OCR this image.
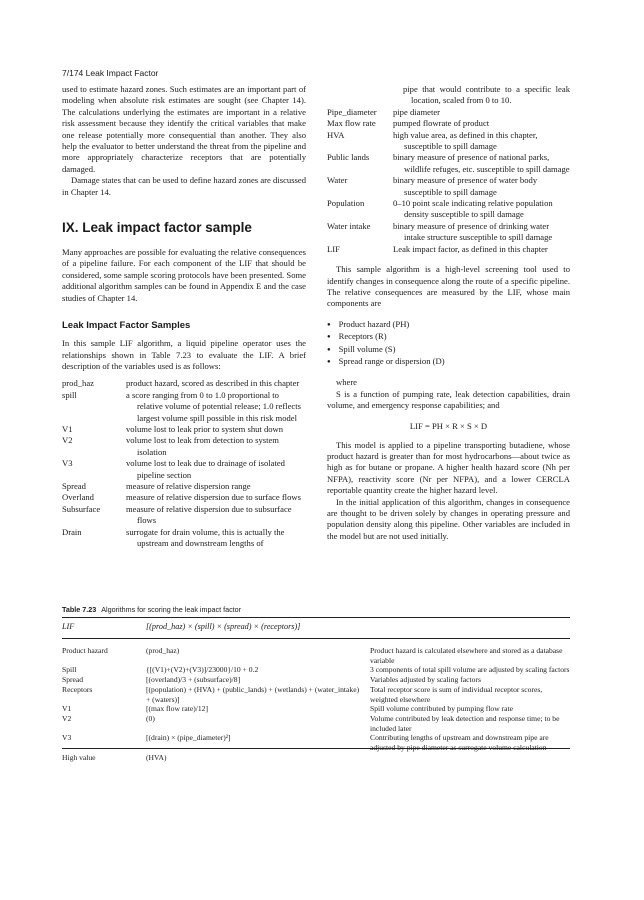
7/174 Leak Impact Factor

used to estimate hazard zones. Such estimates are an important part of modeling when absolute risk estimates are sought (see Chapter 14). The calculations underlying the estimates are important in a relative risk assessment because they identify the critical variables that make one release potentially more consequential than another. They also help the evaluator to better understand the threat from the pipeline and more appropriately characterize receptors that are potentially damaged.

Damage states that can be used to define hazard zones are discussed in Chapter 14.

IX. Leak impact factor sample

Many approaches are possible for evaluating the relative consequences of a pipeline failure. For each component of the LIF that should be considered, some sample scoring protocols have been presented. Some additional algorithm samples can be found in Appendix E and the case studies of Chapter 14.

Leak Impact Factor Samples

In this sample LIF algorithm, a liquid pipeline operator uses the relationships shown in Table 7.23 to evaluate the LIF. A brief description of the variables used is as follows:

prod_haz	product hazard, scored as described in this chapter
spill	a score ranging from 0 to 1.0 proportional to relative volume of potential release; 1.0 reflects largest volume spill possible in this risk model
V1	volume lost to leak prior to system shut down
V2	volume lost to leak from detection to system isolation
V3	volume lost to leak due to drainage of isolated pipeline section
Spread	measure of relative dispersion range
Overland	measure of relative dispersion due to surface flows
Subsurface	measure of relative dispersion due to subsurface flows
Drain	surrogate for drain volume, this is actually the upstream and downstream lengths of

pipe that would contribute to a specific leak location, scaled from 0 to 10.

Pipe_diameter	pipe diameter
Max flow rate	pumped flowrate of product
HVA	high value area, as defined in this chapter, susceptible to spill damage
Public lands	binary measure of presence of national parks, wildlife refuges, etc. susceptible to spill damage
Water	binary measure of presence of water body susceptible to spill damage
Population	0–10 point scale indicating relative population density susceptible to spill damage
Water intake	binary measure of presence of drinking water intake structure susceptible to spill damage
LIF	Leak impact factor, as defined in this chapter

This sample algorithm is a high-level screening tool used to identify changes in consequence along the route of a specific pipeline. The relative consequences are measured by the LIF, whose main components are

● Product hazard (PH)
● Receptors (R)
● Spill volume (S)
● Spread range or dispersion (D)

where

S is a function of pumping rate, leak detection capabilities, drain volume, and emergency response capabilities; and

LIF = PH × R × S × D

This model is applied to a pipeline transporting butadiene, whose product hazard is greater than for most hydrocarbons—about twice as high as for butane or propane. A higher health hazard score (Nh per NFPA), reactivity score (Nr per NFPA), and a lower CERCLA reportable quantity create the higher hazard level.

In the initial application of this algorithm, changes in consequence are thought to be driven solely by changes in operating pressure and population density along this pipeline. Other variables are included in the model but are not used initially.

Table 7.23 Algorithms for scoring the leak impact factor
LIF	[(prod_haz) × (spill) × (spread) × (receptors)]
Product hazard	(prod_haz)	Product hazard is calculated elsewhere and stored as a database variable
Spill	{[(V1)+(V2)+(V3)]/23000}/10 + 0.2	3 components of total spill volume are adjusted by scaling factors
Spread	[(overland)/3 + (subsurface)/8]	Variables adjusted by scaling factors
Receptors	[(population) + (HVA) + (public_lands) + (wetlands) + (water_intake) + (waters)]	Total receptor score is sum of individual receptor scores, weighted elsewhere
V1	[(max flow rate)/12]	Spill volume contributed by pumping flow rate
V2	(0)	Volume contributed by leak detection and response time; to be included later
V3	[(drain) × (pipe_diameter)²]	Contributing lengths of upstream and downstream pipe are adjusted by pipe diameter as surrogate volume calculation
High value	(HVA)	
